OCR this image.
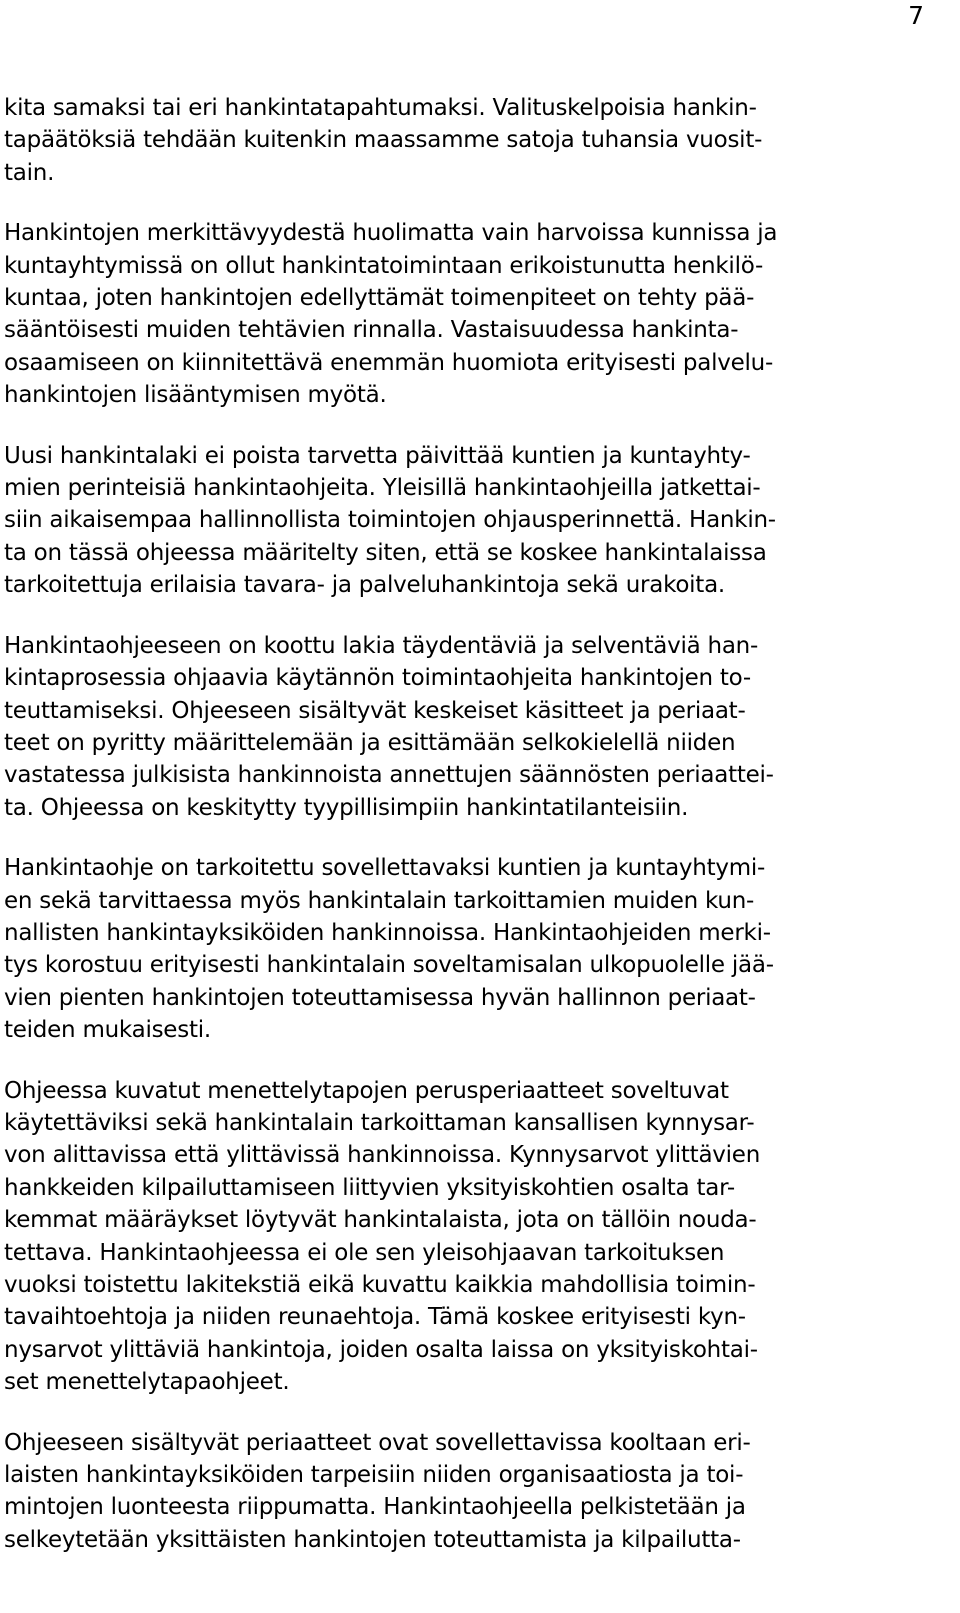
7

kita samaksi tai eri hankintatapahtumaksi. Valituskelpoisia hankin-
tapäätöksiä tehdään kuitenkin maassamme satoja tuhansia vuosit-
tain.

Hankintojen merkittävyydestä huolimatta vain harvoissa kunnissa ja
kuntayhtymissä on ollut hankintatoimintaan erikoistunutta henkilö-
kuntaa, joten hankintojen edellyttämät toimenpiteet on tehty pää-
sääntöisesti muiden tehtävien rinnalla. Vastaisuudessa hankinta-
osaamiseen on kiinnitettävä enemmän huomiota erityisesti palvelu-
hankintojen lisääntymisen myötä.

Uusi hankintalaki ei poista tarvetta päivittää kuntien ja kuntayhty-
mien perinteisiä hankintaohjeita. Yleisillä hankintaohjeilla jatkettai-
siin aikaisempaa hallinnollista toimintojen ohjausperinnettä. Hankin-
ta on tässä ohjeessa määritelty siten, että se koskee hankintalaissa
tarkoitettuja erilaisia tavara- ja palveluhankintoja sekä urakoita.

Hankintaohjeeseen on koottu lakia täydentäviä ja selventäviä han-
kintaprosessia ohjaavia käytännön toimintaohjeita hankintojen to-
teuttamiseksi. Ohjeeseen sisältyvät keskeiset käsitteet ja periaat-
teet on pyritty määrittelemään ja esittämään selkokielellä niiden
vastatessa julkisista hankinnoista annettujen säännösten periaattei-
ta. Ohjeessa on keskitytty tyypillisimpiin hankintatilanteisiin.

Hankintaohje on tarkoitettu sovellettavaksi kuntien ja kuntayhtymi-
en sekä tarvittaessa myös hankintalain tarkoittamien muiden kun-
nallisten hankintayksiköiden hankinnoissa. Hankintaohjeiden merki-
tys korostuu erityisesti hankintalain soveltamisalan ulkopuolelle jää-
vien pienten hankintojen toteuttamisessa hyvän hallinnon periaat-
teiden mukaisesti.

Ohjeessa kuvatut menettelytapojen perusperiaatteet soveltuvat
käytettäviksi sekä hankintalain tarkoittaman kansallisen kynnysar-
von alittavissa että ylittävissä hankinnoissa. Kynnysarvot ylittävien
hankkeiden kilpailuttamiseen liittyvien yksityiskohtien osalta tar-
kemmat määräykset löytyvät hankintalaista, jota on tällöin nouda-
tettava. Hankintaohjeessa ei ole sen yleisohjaavan tarkoituksen
vuoksi toistettu lakitekstiä eikä kuvattu kaikkia mahdollisia toimin-
tavaihtoehtoja ja niiden reunaehtoja. Tämä koskee erityisesti kyn-
nysarvot ylittäviä hankintoja, joiden osalta laissa on yksityiskohtai-
set menettelytapaohjeet.

Ohjeeseen sisältyvät periaatteet ovat sovellettavissa kooltaan eri-
laisten hankintayksiköiden tarpeisiin niiden organisaatiosta ja toi-
mintojen luonteesta riippumatta. Hankintaohjeella pelkistetään ja
selkeytetään yksittäisten hankintojen toteuttamista ja kilpailutta-
